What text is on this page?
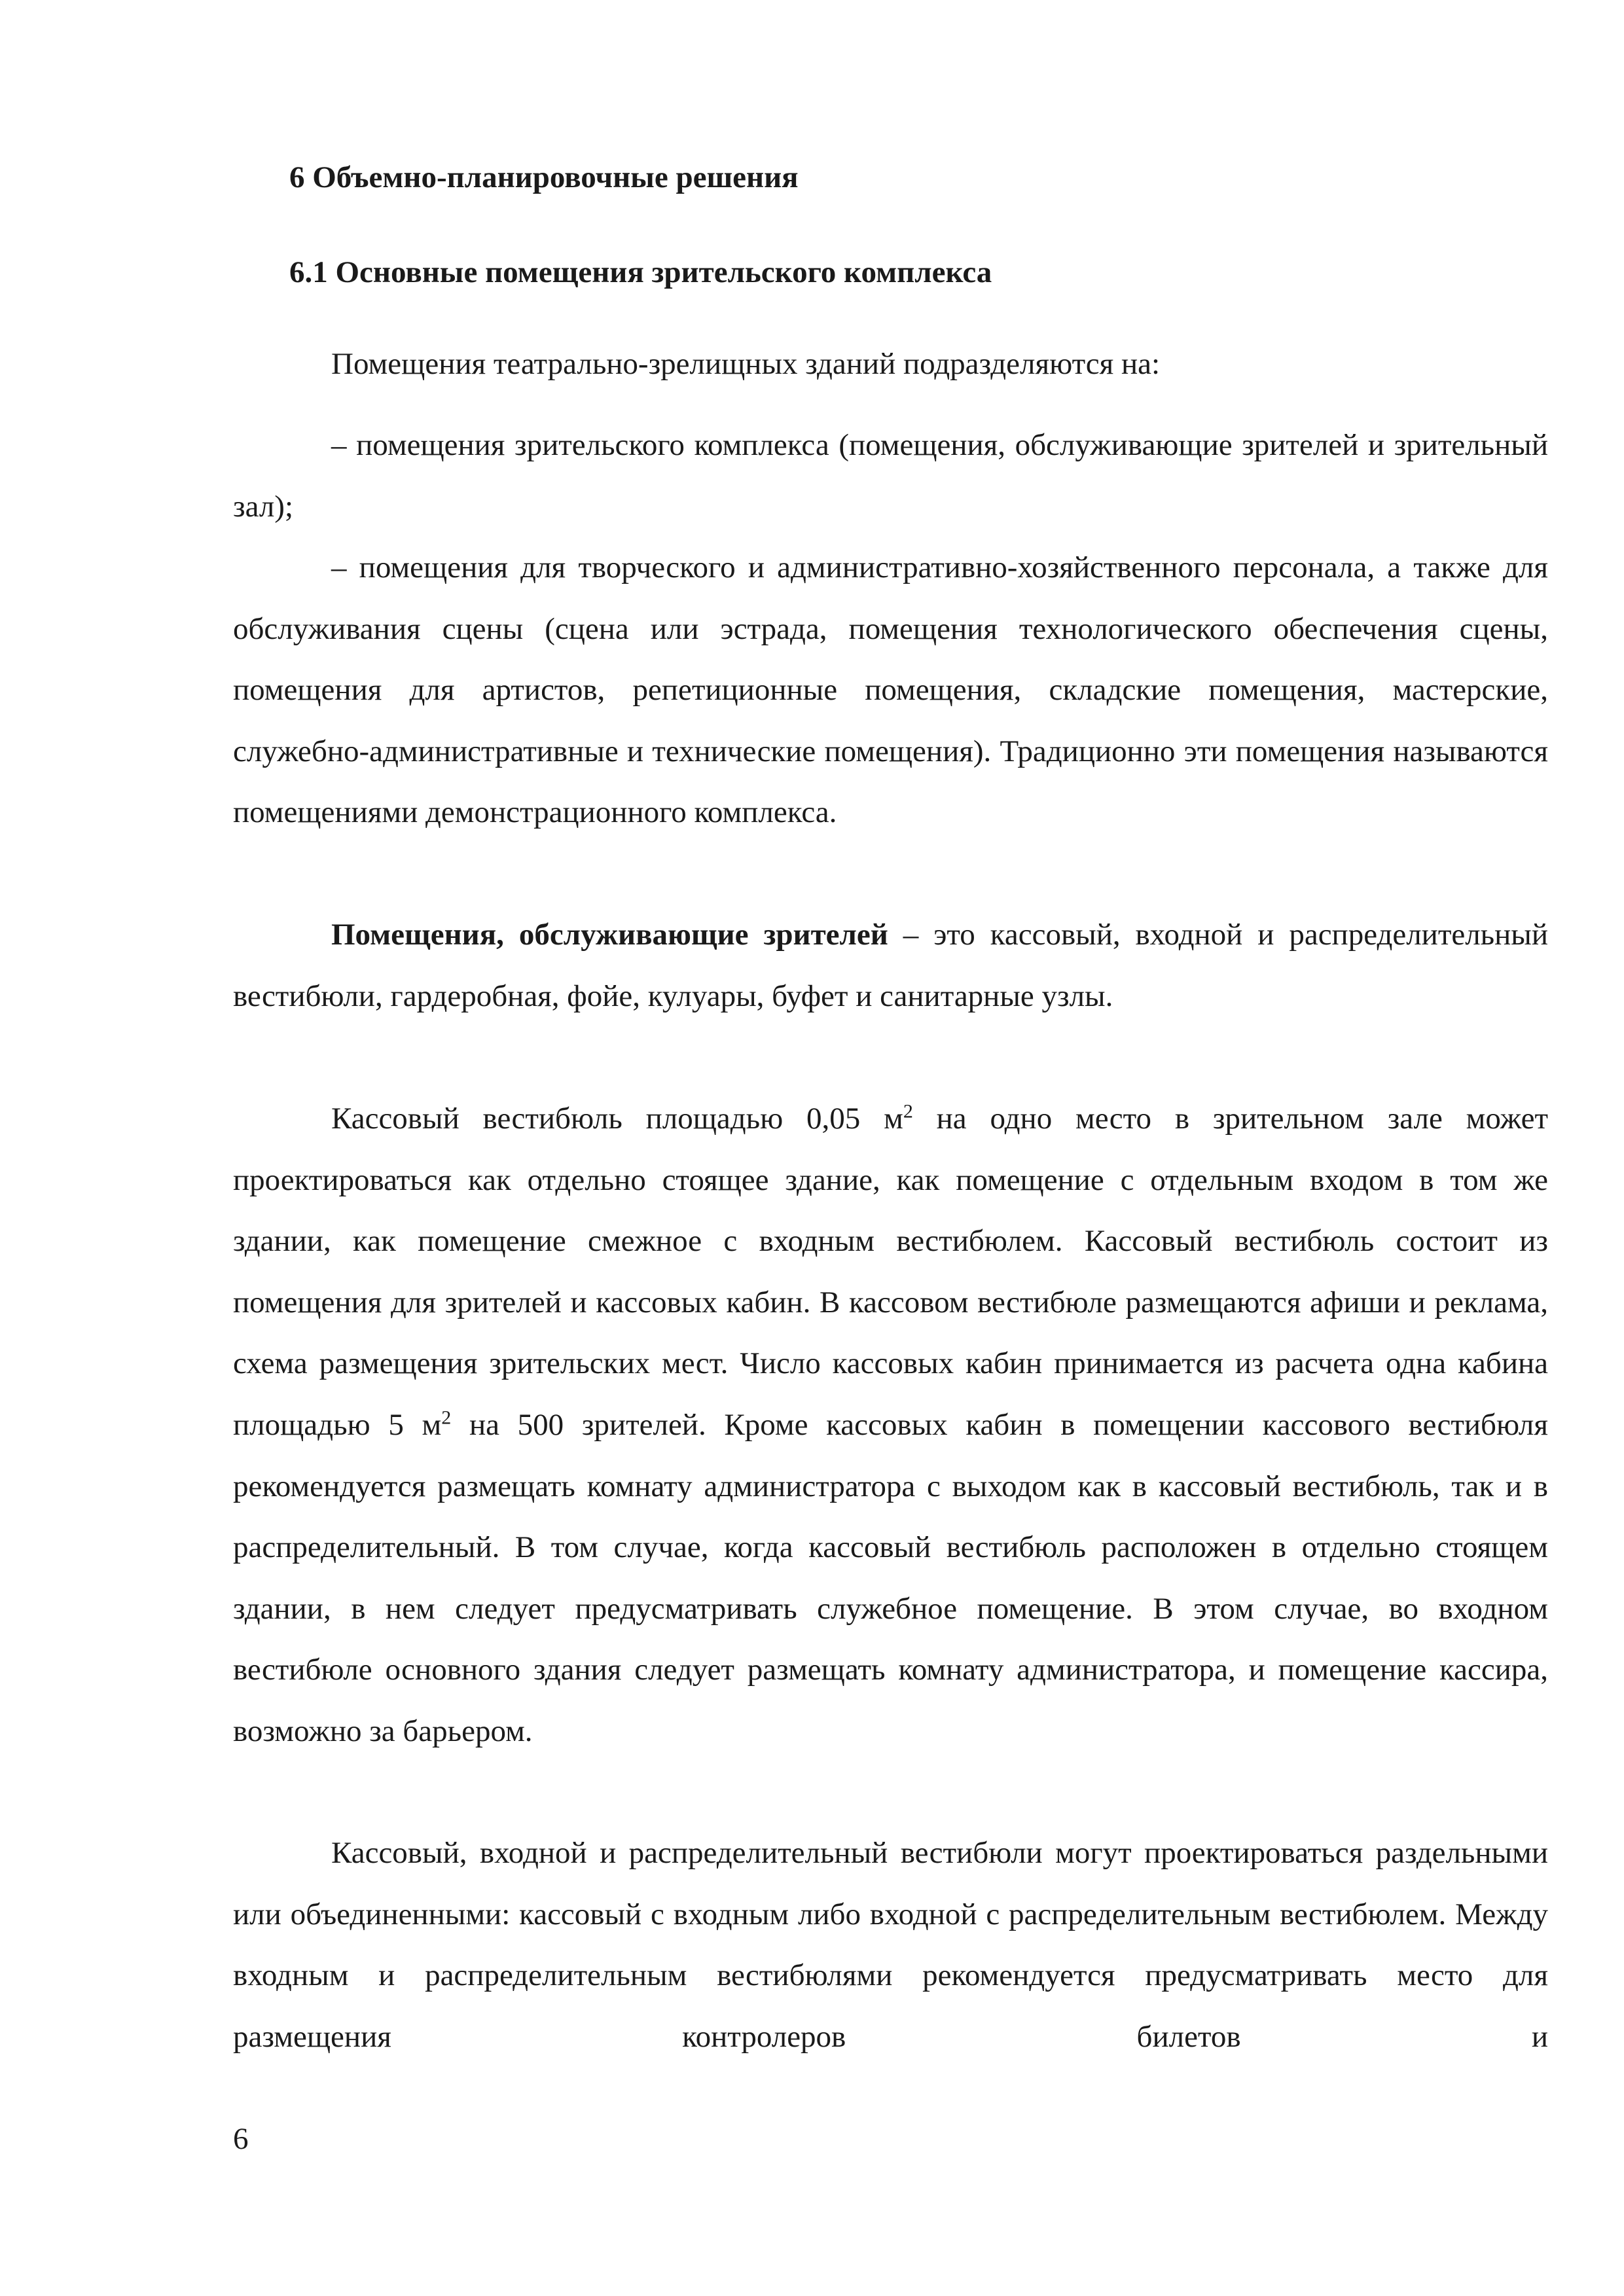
6 Объемно-планировочные решения
6.1 Основные помещения зрительского комплекса

Помещения театрально-зрелищных зданий подразделяются на:

– помещения зрительского комплекса (помещения, обслуживающие зрителей и зрительный зал);

– помещения для творческого и административно-хозяйственного персонала, а также для обслуживания сцены (сцена или эстрада, помещения технологического обеспечения сцены, помещения для артистов, репетиционные помещения, складские помещения, мастерские, служебно-административные и технические помещения). Традиционно эти помещения называются помещениями демонстрационного комплекса.

Помещения, обслуживающие зрителей – это кассовый, входной и распределительный вестибюли, гардеробная, фойе, кулуары, буфет и санитарные узлы.

Кассовый вестибюль площадью 0,05 $м^2$ на одно место в зрительном зале может проектироваться как отдельно стоящее здание, как помещение с отдельным входом в том же здании, как помещение смежное с входным вестибюлем. Кассовый вестибюль состоит из помещения для зрителей и кассовых кабин. В кассовом вестибюле размещаются афиши и реклама, схема размещения зрительских мест. Число кассовых кабин принимается из расчета одна кабина площадью 5 $м^2$ на 500 зрителей. Кроме кассовых кабин в помещении кассового вестибюля рекомендуется размещать комнату администратора с выходом как в кассовый вестибюль, так и в распределительный. В том случае, когда кассовый вестибюль расположен в отдельно стоящем здании, в нем следует предусматривать служебное помещение. В этом случае, во входном вестибюле основного здания следует размещать комнату администратора, и помещение кассира, возможно за барьером.

Кассовый, входной и распределительный вестибюли могут проектироваться раздельными или объединенными: кассовый с входным либо входной с распределительным вестибюлем. Между входным и распределительным вестибюлями рекомендуется предусматривать место для размещения контролеров билетов и

6
